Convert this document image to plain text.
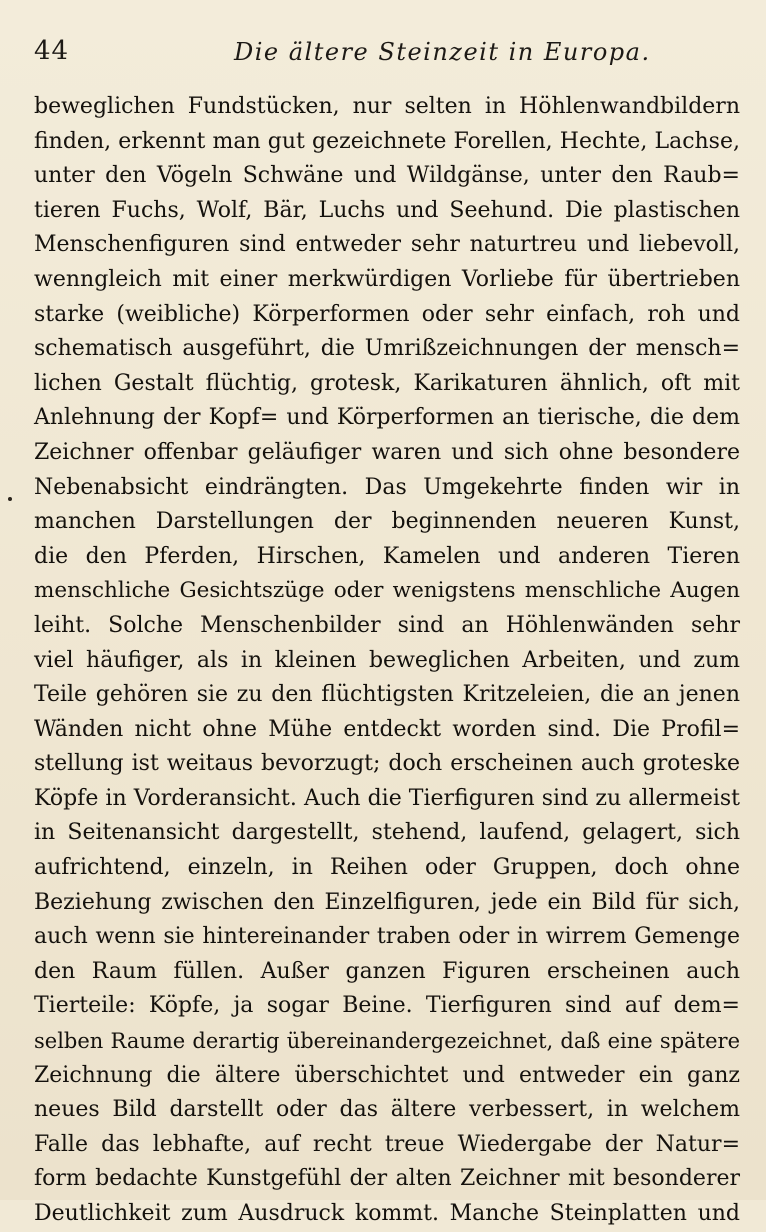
44	Die ältere Steinzeit in Europa.
beweglichen Fundstücken, nur selten in Höhlenwandbildern
finden, erkennt man gut gezeichnete Forellen, Hechte, Lachse,
unter den Vögeln Schwäne und Wildgänse, unter den Raub=
tieren Fuchs, Wolf, Bär, Luchs und Seehund. Die plastischen
Menschenfiguren sind entweder sehr naturtreu und liebevoll,
wenngleich mit einer merkwürdigen Vorliebe für übertrieben
starke (weibliche) Körperformen oder sehr einfach, roh und
schematisch ausgeführt, die Umrißzeichnungen der mensch=
lichen Gestalt flüchtig, grotesk, Karikaturen ähnlich, oft mit
Anlehnung der Kopf= und Körperformen an tierische, die dem
Zeichner offenbar geläufiger waren und sich ohne besondere
Nebenabsicht eindrängten. Das Umgekehrte finden wir in
manchen Darstellungen der beginnenden neueren Kunst,
die den Pferden, Hirschen, Kamelen und anderen Tieren
menschliche Gesichtszüge oder wenigstens menschliche Augen
leiht. Solche Menschenbilder sind an Höhlenwänden sehr
viel häufiger, als in kleinen beweglichen Arbeiten, und zum
Teile gehören sie zu den flüchtigsten Kritzeleien, die an jenen
Wänden nicht ohne Mühe entdeckt worden sind. Die Profil=
stellung ist weitaus bevorzugt; doch erscheinen auch groteske
Köpfe in Vorderansicht. Auch die Tierfiguren sind zu allermeist
in Seitenansicht dargestellt, stehend, laufend, gelagert, sich
aufrichtend, einzeln, in Reihen oder Gruppen, doch ohne
Beziehung zwischen den Einzelfiguren, jede ein Bild für sich,
auch wenn sie hintereinander traben oder in wirrem Gemenge
den Raum füllen. Außer ganzen Figuren erscheinen auch
Tierteile: Köpfe, ja sogar Beine. Tierfiguren sind auf dem=
selben Raume derartig übereinandergezeichnet, daß eine spätere
Zeichnung die ältere überschichtet und entweder ein ganz
neues Bild darstellt oder das ältere verbessert, in welchem
Falle das lebhafte, auf recht treue Wiedergabe der Natur=
form bedachte Kunstgefühl der alten Zeichner mit besonderer
Deutlichkeit zum Ausdruck kommt. Manche Steinplatten und
